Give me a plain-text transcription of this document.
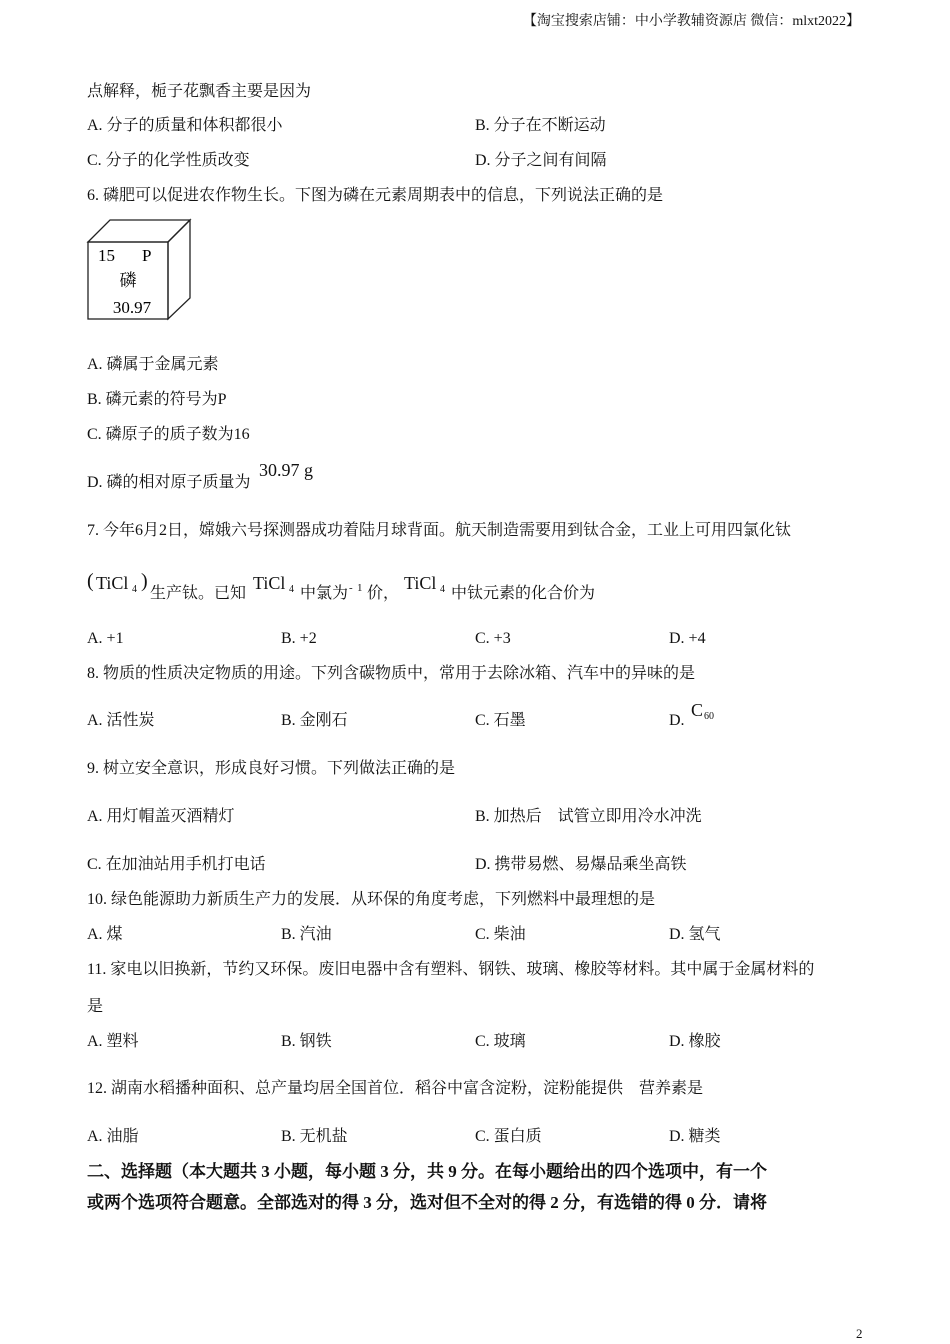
【淘宝搜索店铺：中小学教辅资源店 微信：mlxt2022】
点解释，栀子花飘香主要是因为
A. 分子的质量和体积都很小	B. 分子在不断运动
C. 分子的化学性质改变	D. 分子之间有间隔
6. 磷肥可以促进农作物生长。下图为磷在元素周期表中的信息，下列说法正确的是
15 P
磷
30.97
A. 磷属于金属元素
B. 磷元素的符号为P
C. 磷原子的质子数为16
D. 磷的相对原子质量为
30.97 g
7. 今年6月2日，嫦娥六号探测器成功着陆月球背面。航天制造需要用到钛合金，工业上可用四氯化钛
( TiCl 4 )
生产钛。已知
TiCl 4 中氯为 - 1 价，
TiCl 4 中钛元素的化合价为
A. +1	B. +2	C. +3	D. +4
8. 物质的性质决定物质的用途。下列含碳物质中，常用于去除冰箱、汽车中的异味的是
A. 活性炭	B. 金刚石	C. 石墨	D.
C 60
9. 树立安全意识，形成良好习惯。下列做法正确的是
A. 用灯帽盖灭酒精灯	B. 加热后　试管立即用冷水冲洗
C. 在加油站用手机打电话	D. 携带易燃、易爆品乘坐高铁
10. 绿色能源助力新质生产力的发展．从环保的角度考虑，下列燃料中最理想的是
A. 煤	B. 汽油	C. 柴油	D. 氢气
11. 家电以旧换新，节约又环保。废旧电器中含有塑料、钢铁、玻璃、橡胶等材料。其中属于金属材料的
是
A. 塑料	B. 钢铁	C. 玻璃	D. 橡胶
12. 湖南水稻播种面积、总产量均居全国首位．稻谷中富含淀粉，淀粉能提供　营养素是
A. 油脂	B. 无机盐	C. 蛋白质	D. 糖类
二、选择题（本大题共 3 小题，每小题 3 分，共 9 分。在每小题给出的四个选项中，有一个
或两个选项符合题意。全部选对的得 3 分，选对但不全对的得 2 分，有选错的得 0 分．请将
2
